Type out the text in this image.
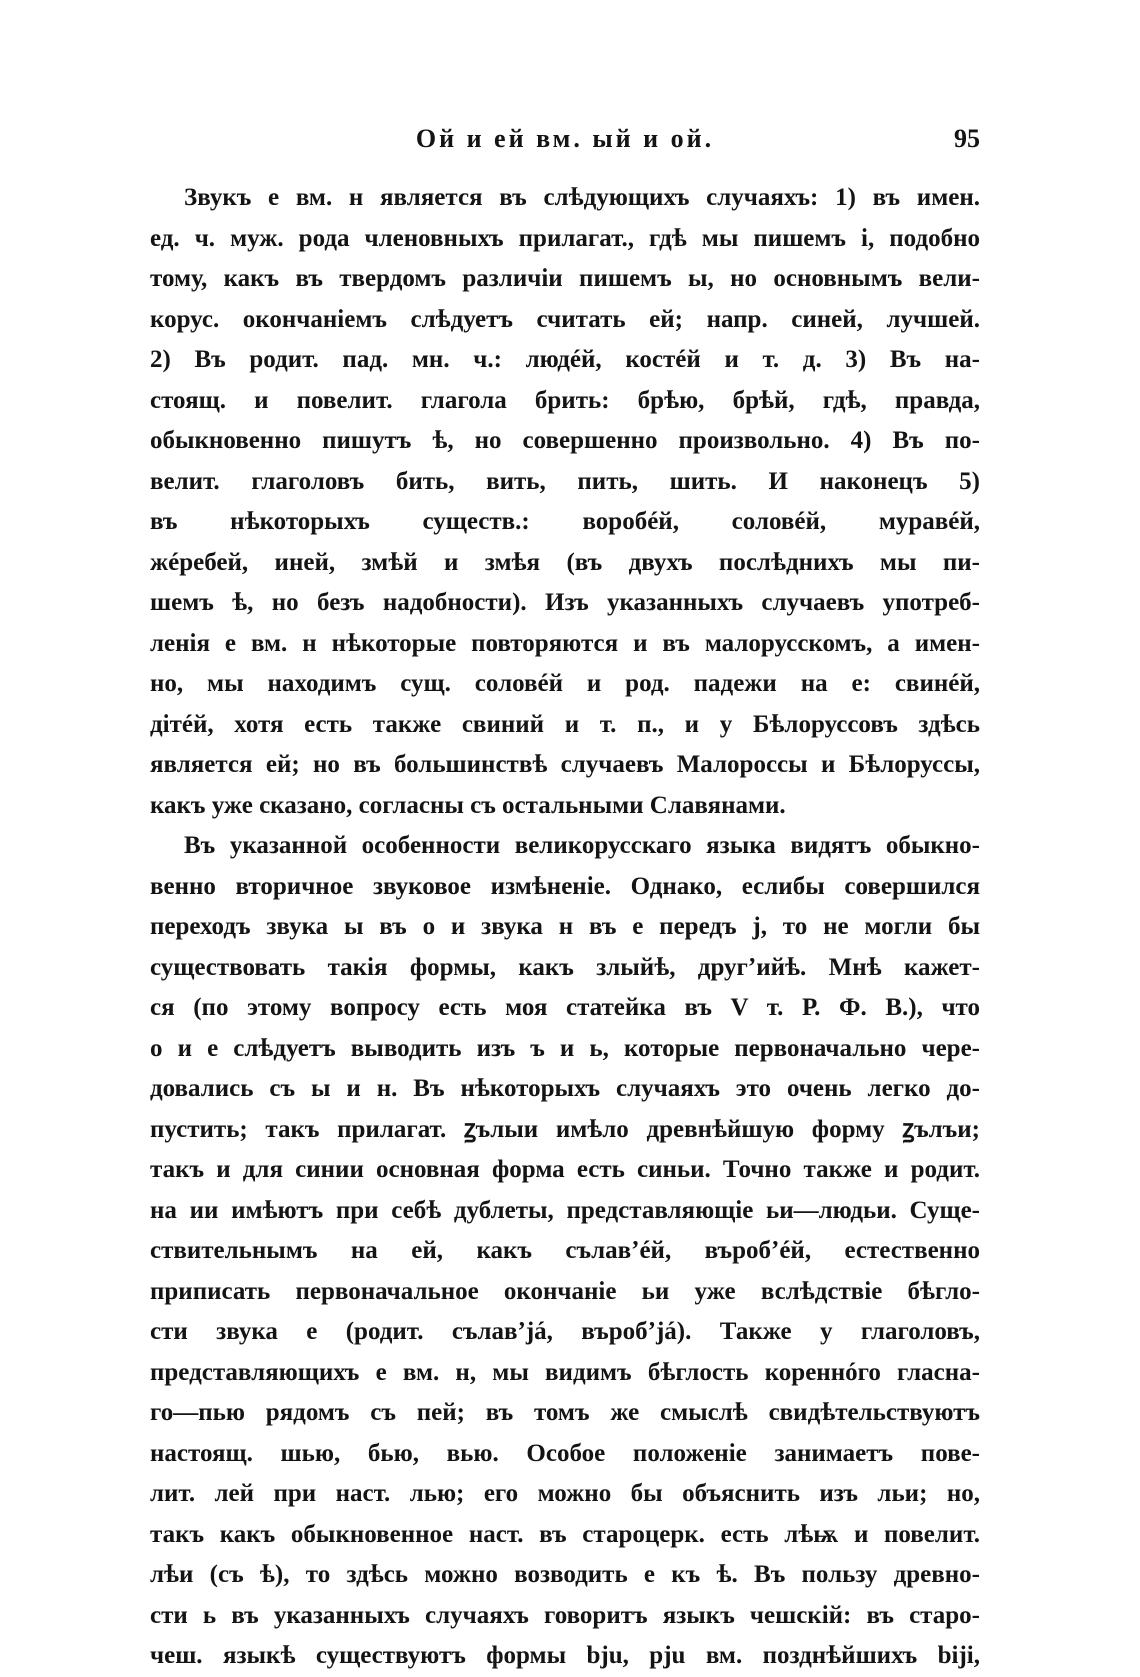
Ой и ей вм. ый и ой.	95
Звукъ е вм. н является въ слѣдующихъ случаяхъ: 1) въ имен.
ед. ч. муж. рода членовныхъ прилагат., гдѣ мы пишемъ і, подобно
тому, какъ въ твердомъ различіи пишемъ ы, но основнымъ вели-
корус. окончаніемъ слѣдуетъ считать ей; напр. синей, лучшей.
2) Въ родит. пад. мн. ч.: людéй, костéй и т. д. 3) Въ на-
стоящ. и повелит. глагола брить: брѣю, брѣй, гдѣ, правда,
обыкновенно пишутъ ѣ, но совершенно произвольно. 4) Въ по-
велит. глаголовъ бить, вить, пить, шить. И наконецъ 5)
въ нѣкоторыхъ существ.: воробéй, соловéй, муравéй,
жéребей, иней, змѣй и змѣя (въ двухъ послѣднихъ мы пи-
шемъ ѣ, но безъ надобности). Изъ указанныхъ случаевъ употреб-
ленія е вм. н нѣкоторые повторяются и въ малорусскомъ, а имен-
но, мы находимъ сущ. соловéй и род. падежи на е: свинéй,
дітéй, хотя есть также свиний и т. п., и у Бѣлоруссовъ здѣсь
является ей; но въ большинствѣ случаевъ Малороссы и Бѣлоруссы,
какъ уже сказано, согласны съ остальными Славянами.
Въ указанной особенности великорусскаго языка видятъ обыкно-
венно вторичное звуковое измѣненіе. Однако, еслибы совершился
переходъ звука ы въ о и звука н въ е передъ j, то не могли бы
существовать такія формы, какъ злыйѣ, другʼийѣ. Мнѣ кажет-
ся (по этому вопросу есть моя статейка въ V т. Р. Ф. В.), что
о и е слѣдуетъ выводить изъ ъ и ь, которые первоначально чере-
довались съ ы и н. Въ нѣкоторыхъ случаяхъ это очень легко до-
пустить; такъ прилагат. ꙁълыи имѣло древнѣйшую форму ꙁълъи;
такъ и для синии основная форма есть синьи. Точно также и родит.
на ии имѣютъ при себѣ дублеты, представляющіе ьи—людьи. Суще-
ствительнымъ на ей, какъ сълавʼéй, въробʼéй, естественно
приписать первоначальное окончаніе ьи уже вслѣдствіе бѣгло-
сти звука е (родит. сълавʼjá, въробʼjá). Также у глаголовъ,
представляющихъ е вм. н, мы видимъ бѣглость кореннóго гласна-
го—пью рядомъ съ пей; въ томъ же смыслѣ свидѣтельствуютъ
настоящ. шью, бью, вью. Особое положеніе занимаетъ пове-
лит. лей при наст. лью; его можно бы объяснить изъ льи; но,
такъ какъ обыкновенное наст. въ староцерк. есть лѣѭ и повелит.
лѣи (съ ѣ), то здѣсь можно возводить е къ ѣ. Въ пользу древно-
сти ь въ указанныхъ случаяхъ говоритъ языкъ чешскій: въ старо-
чеш. языкѣ существуютъ формы bju, pju вм. позднѣйшихъ biji,
